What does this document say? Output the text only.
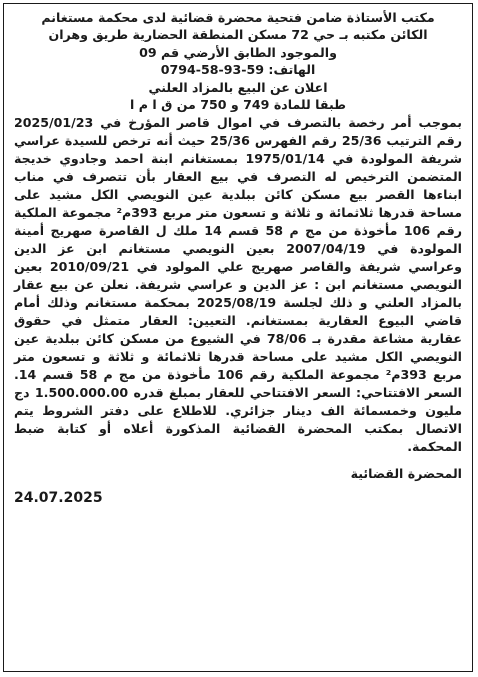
مكتب الأستاذة ضامن فتحية محضرة قضائية لدى محكمة مستغانم
الكائن مكتبه بـ حي 72 مسكن المنطقة الحضارية طريق وهران
والموجود الطابق الأرضي قم 09
الهاتف: 59-93-58-0794
اعلان عن البيع بالمزاد العلني
طبقا للمادة 749 و 750 من ق ا م ا
بموجب أمر رخصة بالتصرف في اموال قاصر المؤرخ في 2025/01/23 رقم الترتيب 25/36 رقم الفهرس 25/36 حيث أنه ترخص للسيدة عراسي شريفة المولودة في 1975/01/14 بمستغانم ابنة احمد وجادوي خديجة المتضمن الترخيص له التصرف في بيع العقار بأن تتصرف في مناب ابناءها القصر بيع مسكن كائن ببلدية عين النويصي الكل مشيد على مساحة قدرها ثلاثمائة و ثلاثة و تسعون متر مربع 393م² مجموعة الملكية رقم 106 مأخوذة من مج م 58 قسم 14 ملك ل القاصرة صهريج أمينة المولودة في 2007/04/19 بعين النويصي مستغانم ابن عز الدين وعراسي شريفة والقاصر صهريج علي المولود في 2010/09/21 بعين النويصي مستغانم ابن : عز الدين و عراسي شريفة. نعلن عن بيع عقار بالمزاد العلني و ذلك لجلسة 2025/08/19 بمحكمة مستغانم وذلك أمام قاضي البيوع العقارية بمستغانم. التعيين: العقار متمثل في حقوق عقارية مشاعة مقدرة بـ 78/06 في الشيوع من مسكن كائن ببلدية عين النويصي الكل مشيد على مساحة قدرها ثلاثمائة و ثلاثة و تسعون متر مربع 393م² مجموعة الملكية رقم 106 مأخوذة من مج م 58 قسم 14. السعر الافتتاحي: السعر الافتتاحي للعقار بمبلغ قدره 1.500.000.00 دج مليون وخمسمائة الف دينار جزائري. للاطلاع على دفتر الشروط يتم الاتصال بمكتب المحضرة القضائية المذكورة أعلاه أو كتابة ضبط المحكمة.
المحضرة القضائية
24.07.2025
